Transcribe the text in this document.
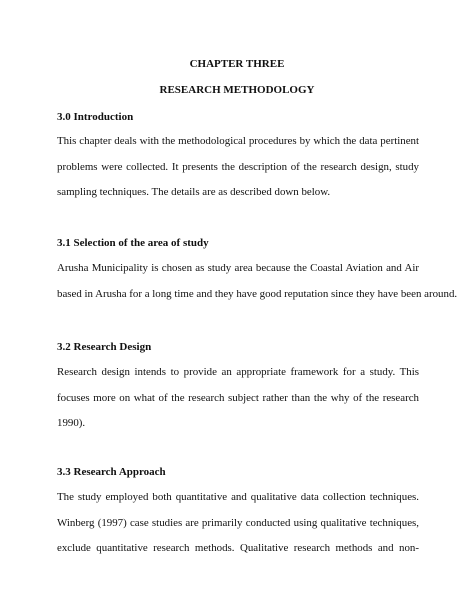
CHAPTER THREE
RESEARCH METHODOLOGY
3.0 Introduction
This chapter deals with the methodological procedures by which the data pertinent
problems were collected. It presents the description of the research design, study
sampling techniques. The details are as described down below.
3.1 Selection of the area of study
Arusha Municipality is chosen as study area because the Coastal Aviation and Air
based in Arusha for a long time and they have good reputation since they have been around.
3.2 Research Design
Research design intends to provide an appropriate framework for a study. This
focuses more on what of the research subject rather than the why of the research
1990).
3.3 Research Approach
The study employed both quantitative and qualitative data collection techniques.
Winberg (1997) case studies are primarily conducted using qualitative techniques,
exclude quantitative research methods. Qualitative research methods and non-
